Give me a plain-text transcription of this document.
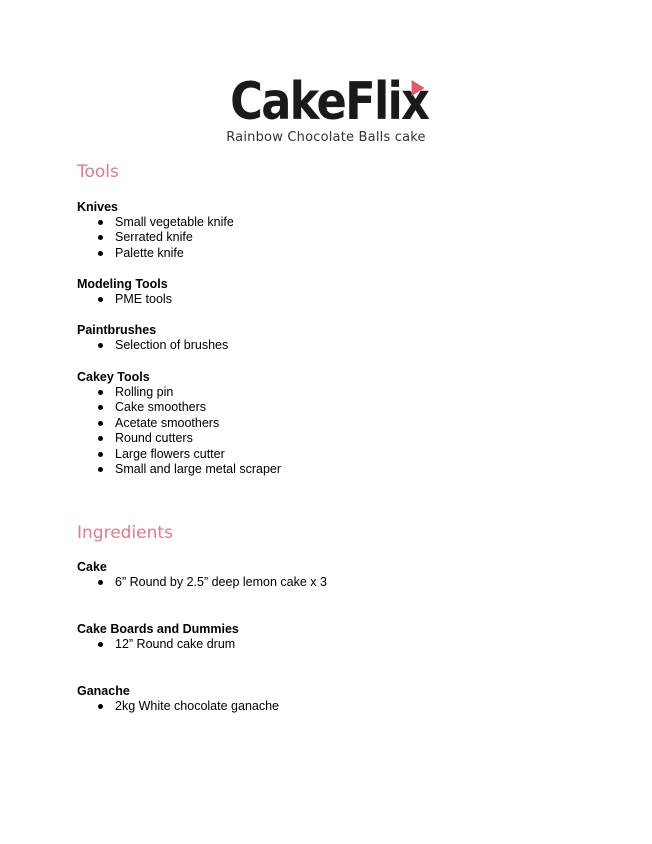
CakeFlix
Rainbow Chocolate Balls cake
Tools
Knives
Small vegetable knife
Serrated knife
Palette knife
Modeling Tools
PME tools
Paintbrushes
Selection of brushes
Cakey Tools
Rolling pin
Cake smoothers
Acetate smoothers
Round cutters
Large flowers cutter
Small and large metal scraper
Ingredients
Cake
6” Round by 2.5” deep lemon cake x 3
Cake Boards and Dummies
12” Round cake drum
Ganache
2kg White chocolate ganache
